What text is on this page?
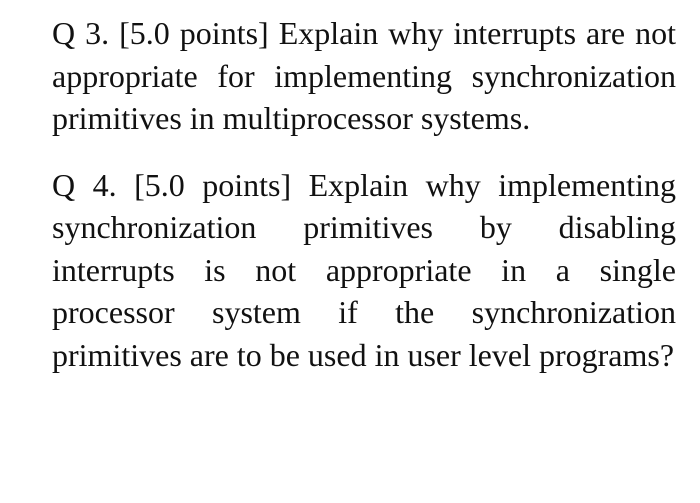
Q 3. [5.0 points] Explain why interrupts are not appropriate for implementing synchronization primitives in multiprocessor systems.

Q 4. [5.0 points] Explain why implementing synchronization primitives by disabling interrupts is not appropriate in a single processor system if the synchronization primitives are to be used in user level programs?
